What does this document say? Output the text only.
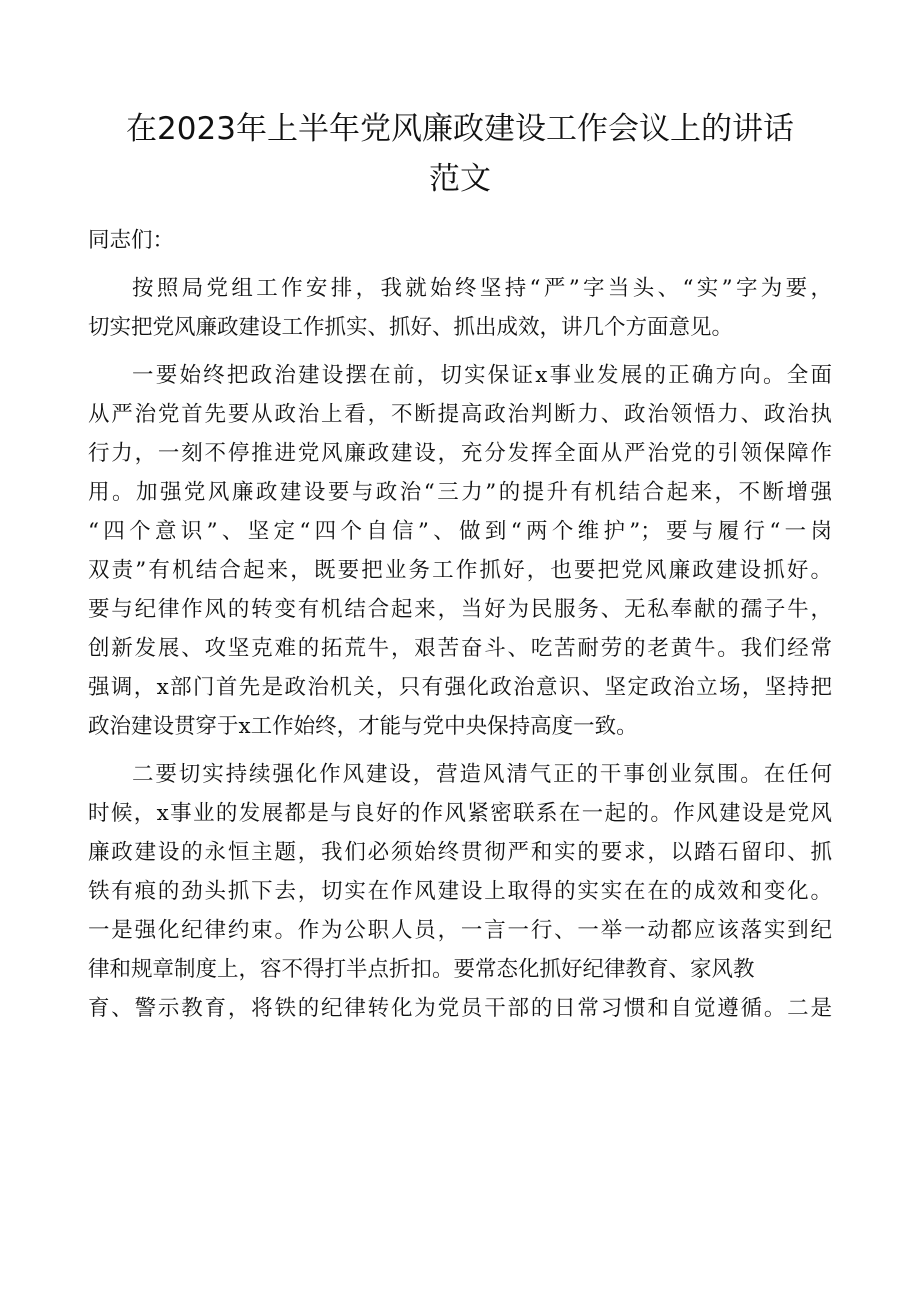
在2023年上半年党风廉政建设工作会议上的讲话
范文
同志们：
按照局党组工作安排，我就始终坚持“严”字当头、“实”字为要，
切实把党风廉政建设工作抓实、抓好、抓出成效，讲几个方面意见。
一要始终把政治建设摆在前，切实保证x事业发展的正确方向。全面
从严治党首先要从政治上看，不断提高政治判断力、政治领悟力、政治执
行力，一刻不停推进党风廉政建设，充分发挥全面从严治党的引领保障作
用。加强党风廉政建设要与政治“三力”的提升有机结合起来，不断增强
“四个意识”、坚定“四个自信”、做到“两个维护”；要与履行“一岗
双责”有机结合起来，既要把业务工作抓好，也要把党风廉政建设抓好。
要与纪律作风的转变有机结合起来，当好为民服务、无私奉献的孺子牛，
创新发展、攻坚克难的拓荒牛，艰苦奋斗、吃苦耐劳的老黄牛。我们经常
强调，x部门首先是政治机关，只有强化政治意识、坚定政治立场，坚持把
政治建设贯穿于x工作始终，才能与党中央保持高度一致。
二要切实持续强化作风建设，营造风清气正的干事创业氛围。在任何
时候，x事业的发展都是与良好的作风紧密联系在一起的。作风建设是党风
廉政建设的永恒主题，我们必须始终贯彻严和实的要求，以踏石留印、抓
铁有痕的劲头抓下去，切实在作风建设上取得的实实在在的成效和变化。
一是强化纪律约束。作为公职人员，一言一行、一举一动都应该落实到纪
律和规章制度上，容不得打半点折扣。要常态化抓好纪律教育、家风教
育、警示教育，将铁的纪律转化为党员干部的日常习惯和自觉遵循。二是
